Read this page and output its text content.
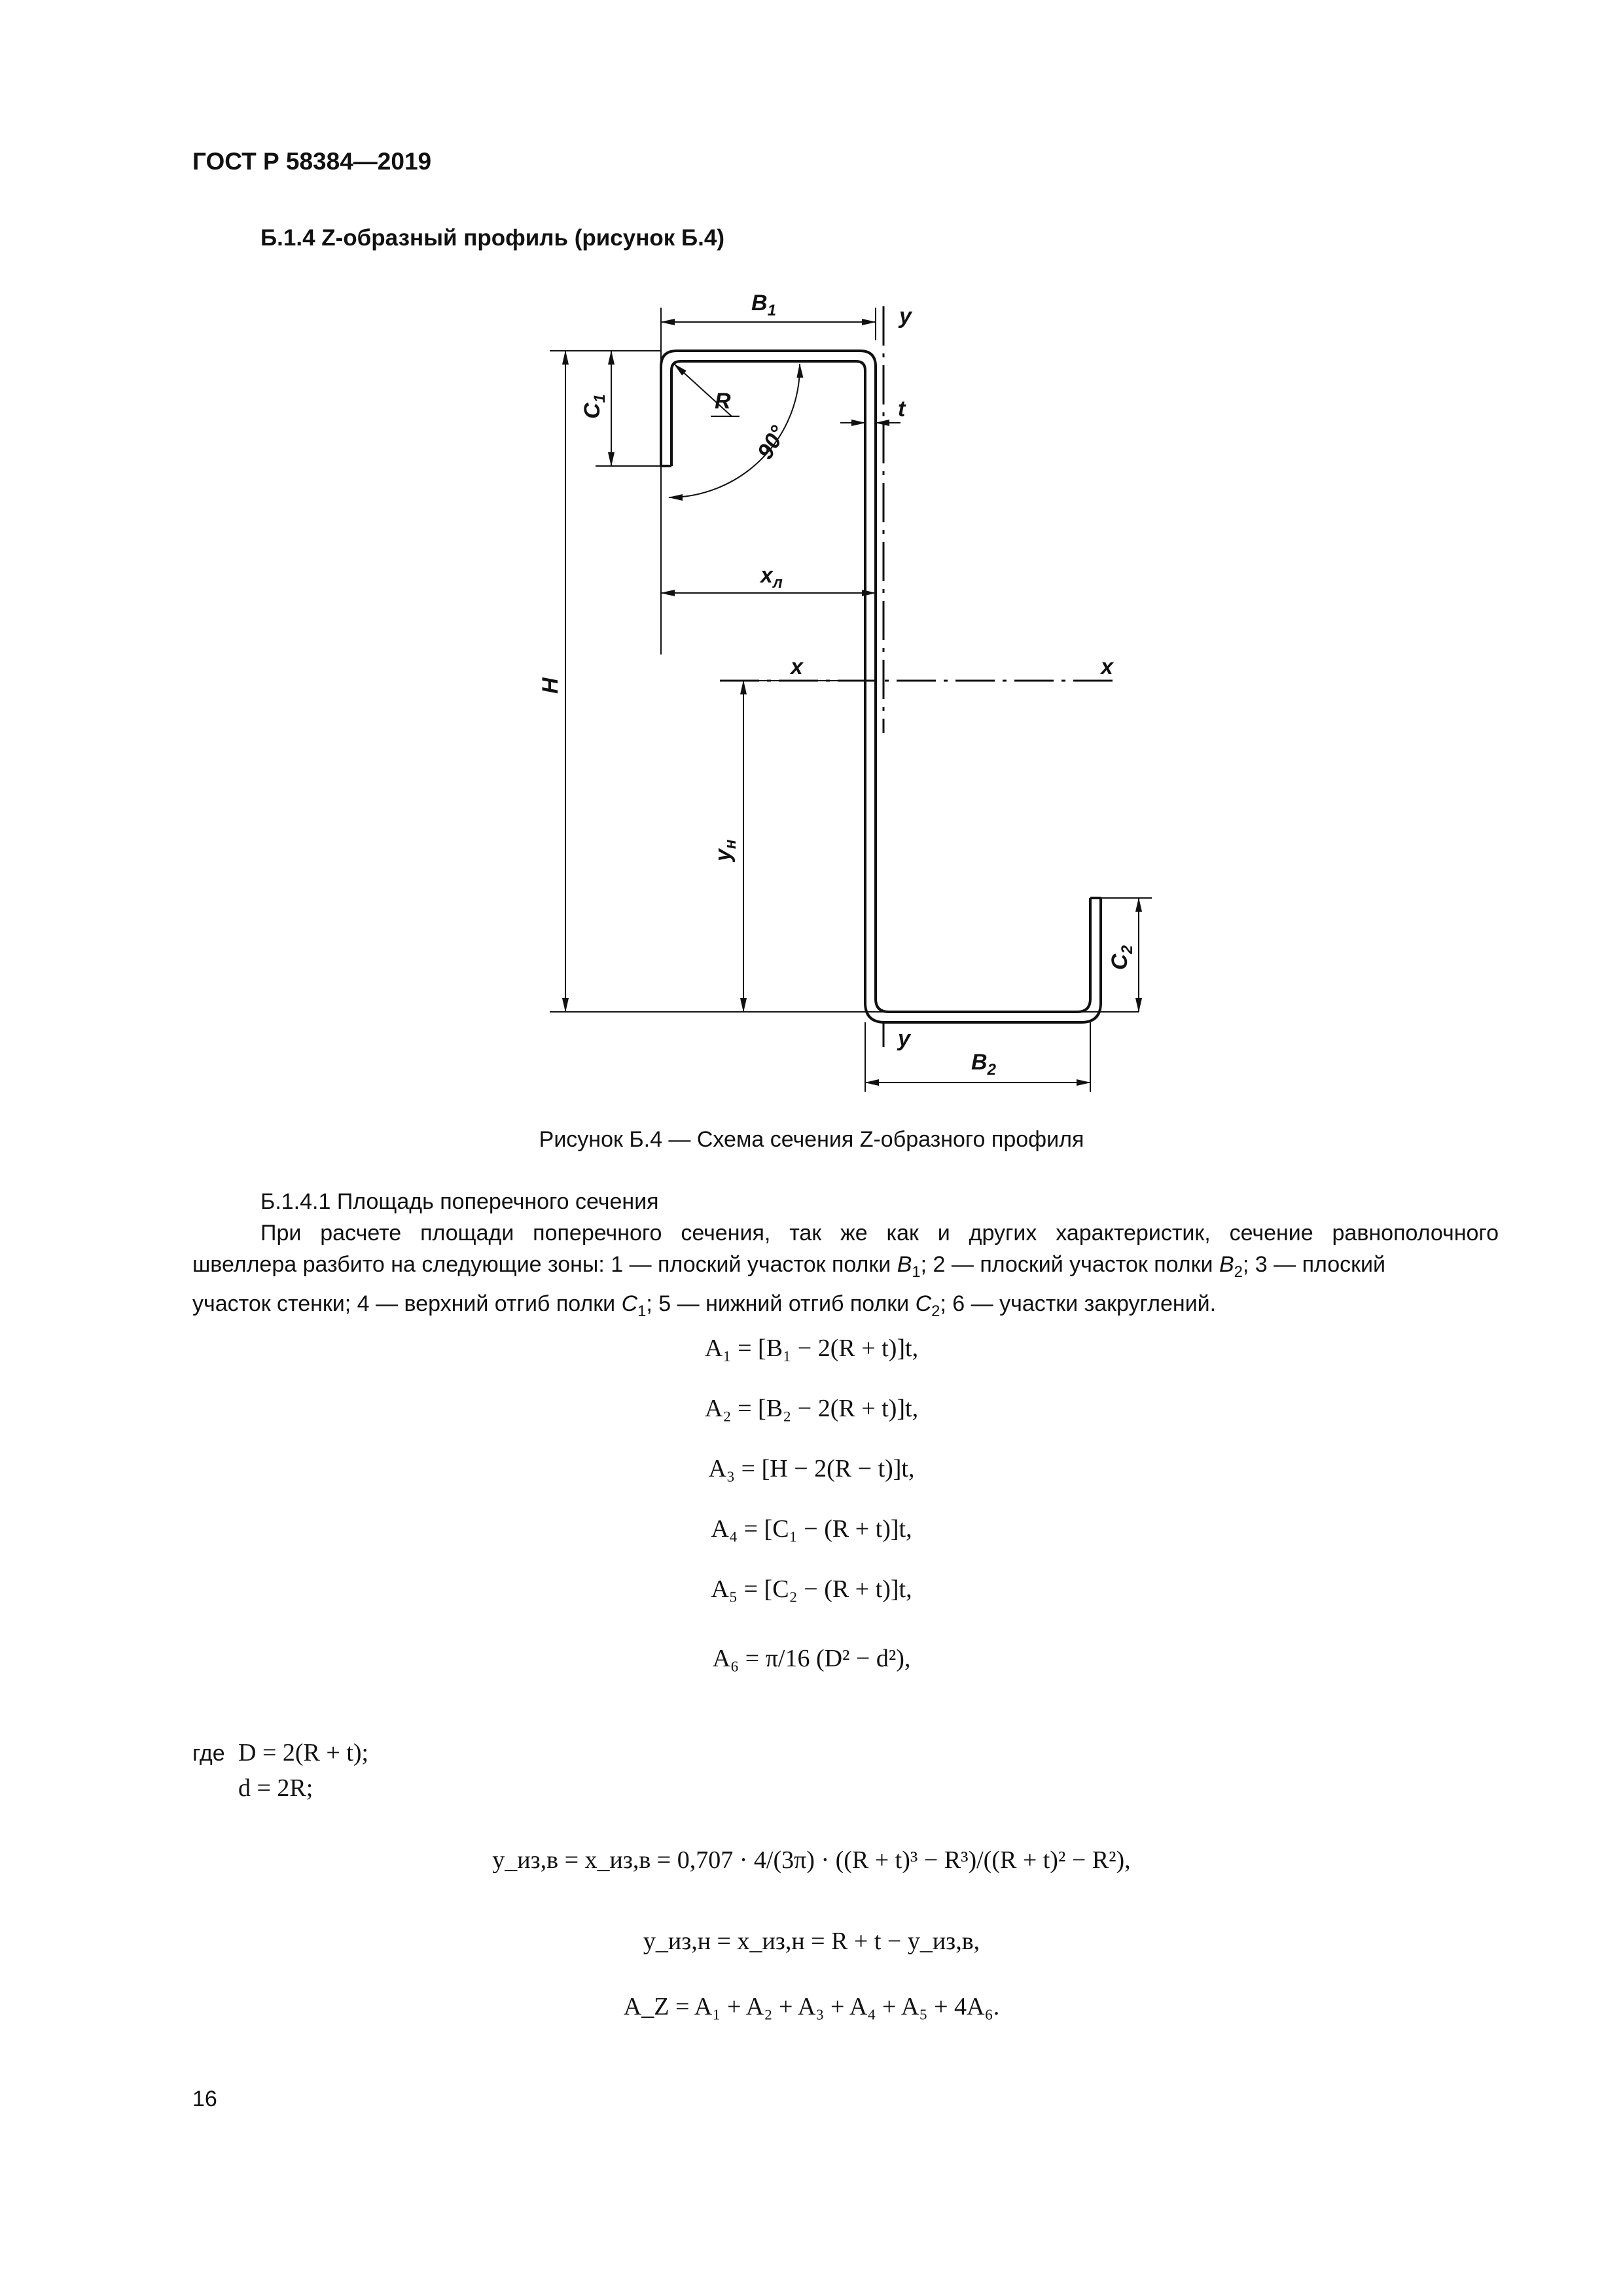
ГОСТ Р 58384—2019
Б.1.4 Z-образный профиль (рисунок Б.4)
$B_1$	y
t
R
90°
$C_1$
$x_л$
x	x
H
$y_н$
$C_2$
y
$B_2$
Рисунок Б.4 — Схема сечения Z-образного профиля
Б.1.4.1 Площадь поперечного сечения
При расчете площади поперечного сечения, так же как и других характеристик, сечение равнополочного
швеллера разбито на следующие зоны: 1 — плоский участок полки $B_1$; 2 — плоский участок полки $B_2$; 3 — плоский
участок стенки; 4 — верхний отгиб полки $C_1$; 5 — нижний отгиб полки $C_2$; 6 — участки закруглений.
A₁ = [B₁ − 2(R + t)]t,
A₂ = [B₂ − 2(R + t)]t,
A₃ = [H − 2(R − t)]t,
A₄ = [C₁ − (R + t)]t,
A₅ = [C₂ − (R + t)]t,
A₆ = π/16 (D² − d²),
где D = 2(R + t);
d = 2R;
y_из,в = x_из,в = 0,707 · 4/(3π) · ((R + t)³ − R³)/((R + t)² − R²),
y_из,н = x_из,н = R + t − y_из,в,
A_Z = A₁ + A₂ + A₃ + A₄ + A₅ + 4A₆.
16
